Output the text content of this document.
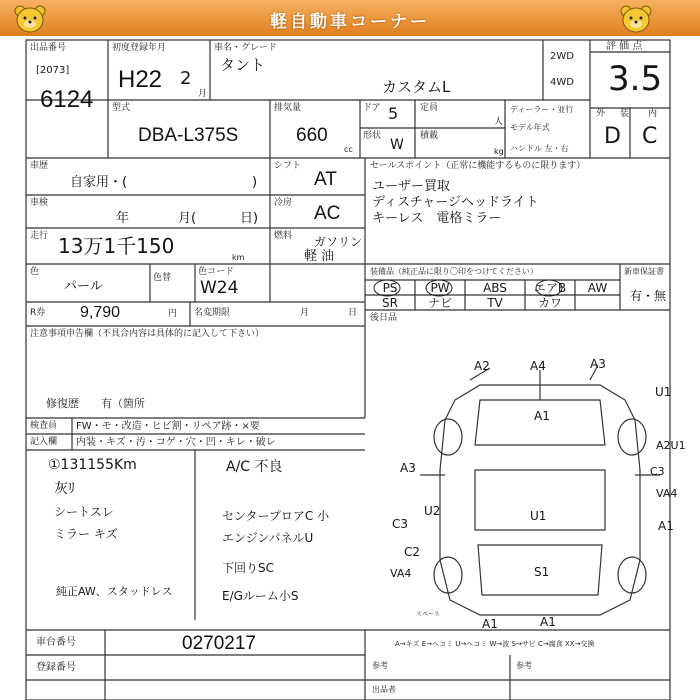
軽自動車コーナー
出品番号
[2073]
6124
初度登録年月
H22 2
月
車名・グレード
タント
カスタムL
2WD
4WD
評 価 点
3.5
外 装 内
D C
型式
DBA-L375S
排気量
660
cc
ドア 5 定員
人
形状
W
積載
kg
ディーラー・並行
モデル年式
ハンドル 左・右
車歴
自家用・(	)
シフト
AT
車検
年	月(	日)
冷房 AC
走行 13万1千150	km
燃料 ガソリン
軽 油
色
パール
色替
色コード
W24
R券 9,790	円 名変期限	月	日
セールスポイント（正常に機能するものに限ります）
ユーザー買取
ディスチャージヘッドライト
キーレス　電格ミラー
装備品（純正品に限り〇印をつけてください）
PS	PW	ABS	エアB	AW
SR	ナビ	TV	カワ
新車保証書
有・無
後日品
注意事項申告欄（不具合内容は具体的に記入して下さい）
修復歴　　有（箇所
検査員 FW・モ・改造・ヒビ割・リペア跡・×要
記入欄 内装・キズ・汚・コゲ・穴・凹・キレ・破レ
①131155Km
灰ﾘ
シートスレ
ミラー キズ
純正AW、スタッドレス
A/C 不良
センタープロアC 小
エンジンパネルU
下回りSC
E/Gルーム小S
A2	A4	A3
U1
A2U1
C3
VA4
A1
A3
U2
C3
C2
VA4
A1
U1
S1
A1	A1
スペース
A→キズ E→ヘコミ U→ヘコミ W→波 S→サビ C→腐食 XX→交換
車台番号	0270217
登録番号	参考	参考
出品者
